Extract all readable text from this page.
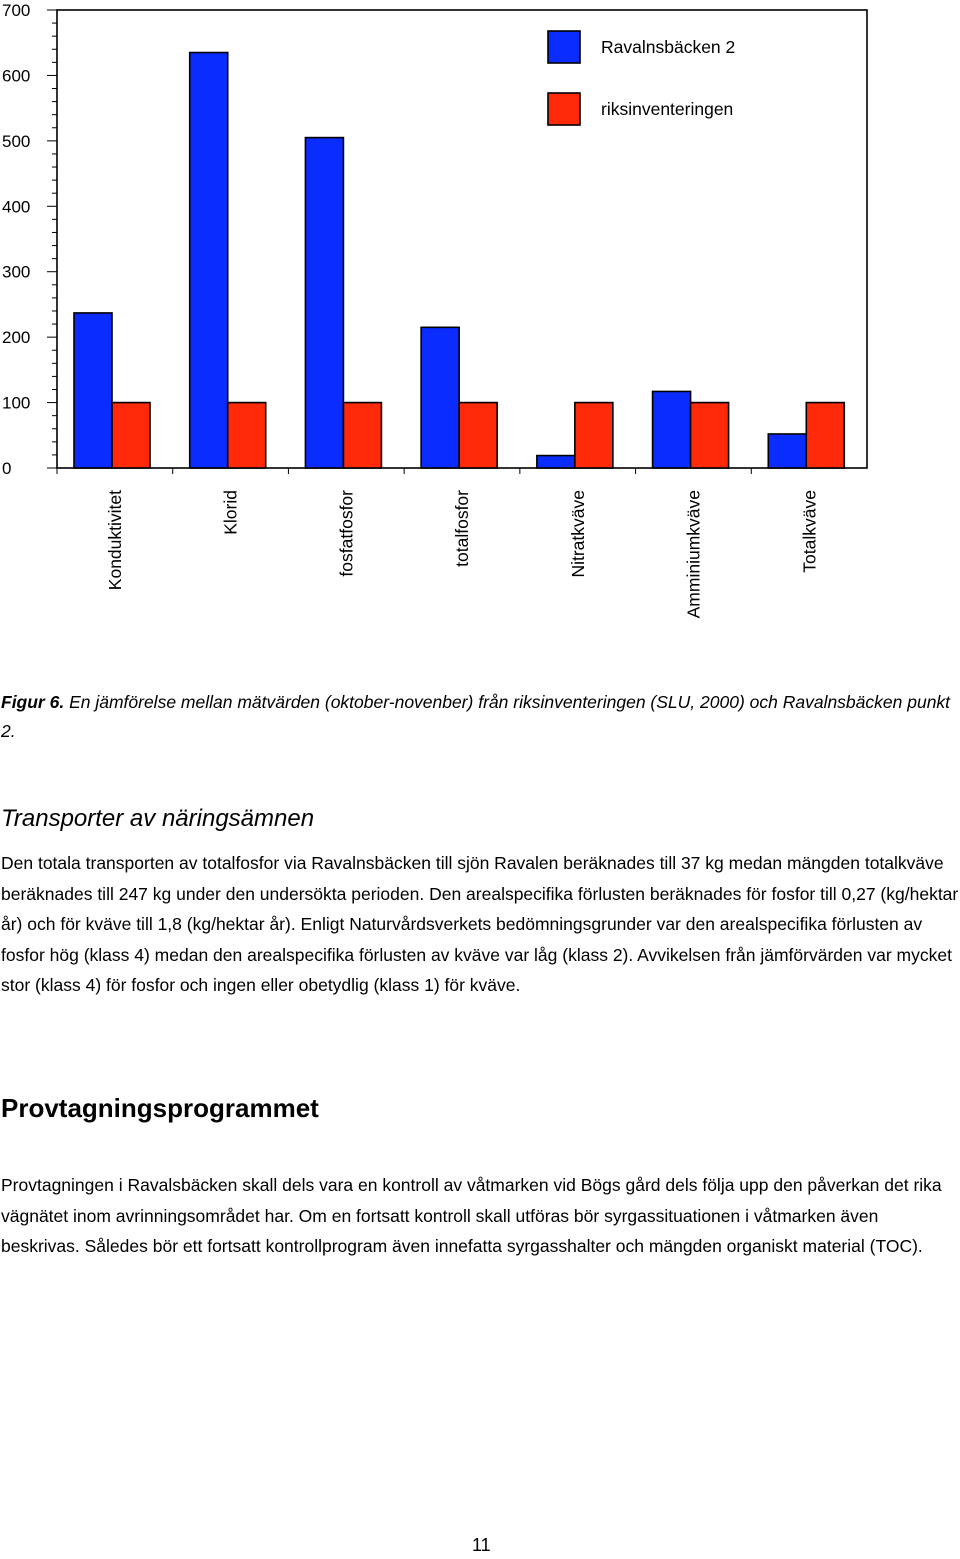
0
100
200
300
400
500
600
700
Konduktivitet	Klorid	fosfatfosfor	totalfosfor	Nitratkväve	Amminiumkväve	Totalkväve
Ravalnsbäcken 2
riksinventeringen

Figur 6. En jämförelse mellan mätvärden (oktober-novenber) från riksinventeringen (SLU, 2000) och Ravalnsbäcken punkt 2.

Transporter av näringsämnen

Den totala transporten av totalfosfor via Ravalnsbäcken till sjön Ravalen beräknades till 37 kg medan mängden totalkväve beräknades till 247 kg under den undersökta perioden. Den arealspecifika förlusten beräknades för fosfor till 0,27 (kg/hektar år) och för kväve till 1,8 (kg/hektar år). Enligt Naturvårdsverkets bedömningsgrunder var den arealspecifika förlusten av fosfor hög (klass 4) medan den arealspecifika förlusten av kväve var låg (klass 2). Avvikelsen från jämförvärden var mycket stor (klass 4) för fosfor och ingen eller obetydlig (klass 1) för kväve.

Provtagningsprogrammet

Provtagningen i Ravalsbäcken skall dels vara en kontroll av våtmarken vid Bögs gård dels följa upp den påverkan det rika vägnätet inom avrinningsområdet har. Om en fortsatt kontroll skall utföras bör syrgassituationen i våtmarken även beskrivas. Således bör ett fortsatt kontrollprogram även innefatta syrgasshalter och mängden organiskt material (TOC).

11
